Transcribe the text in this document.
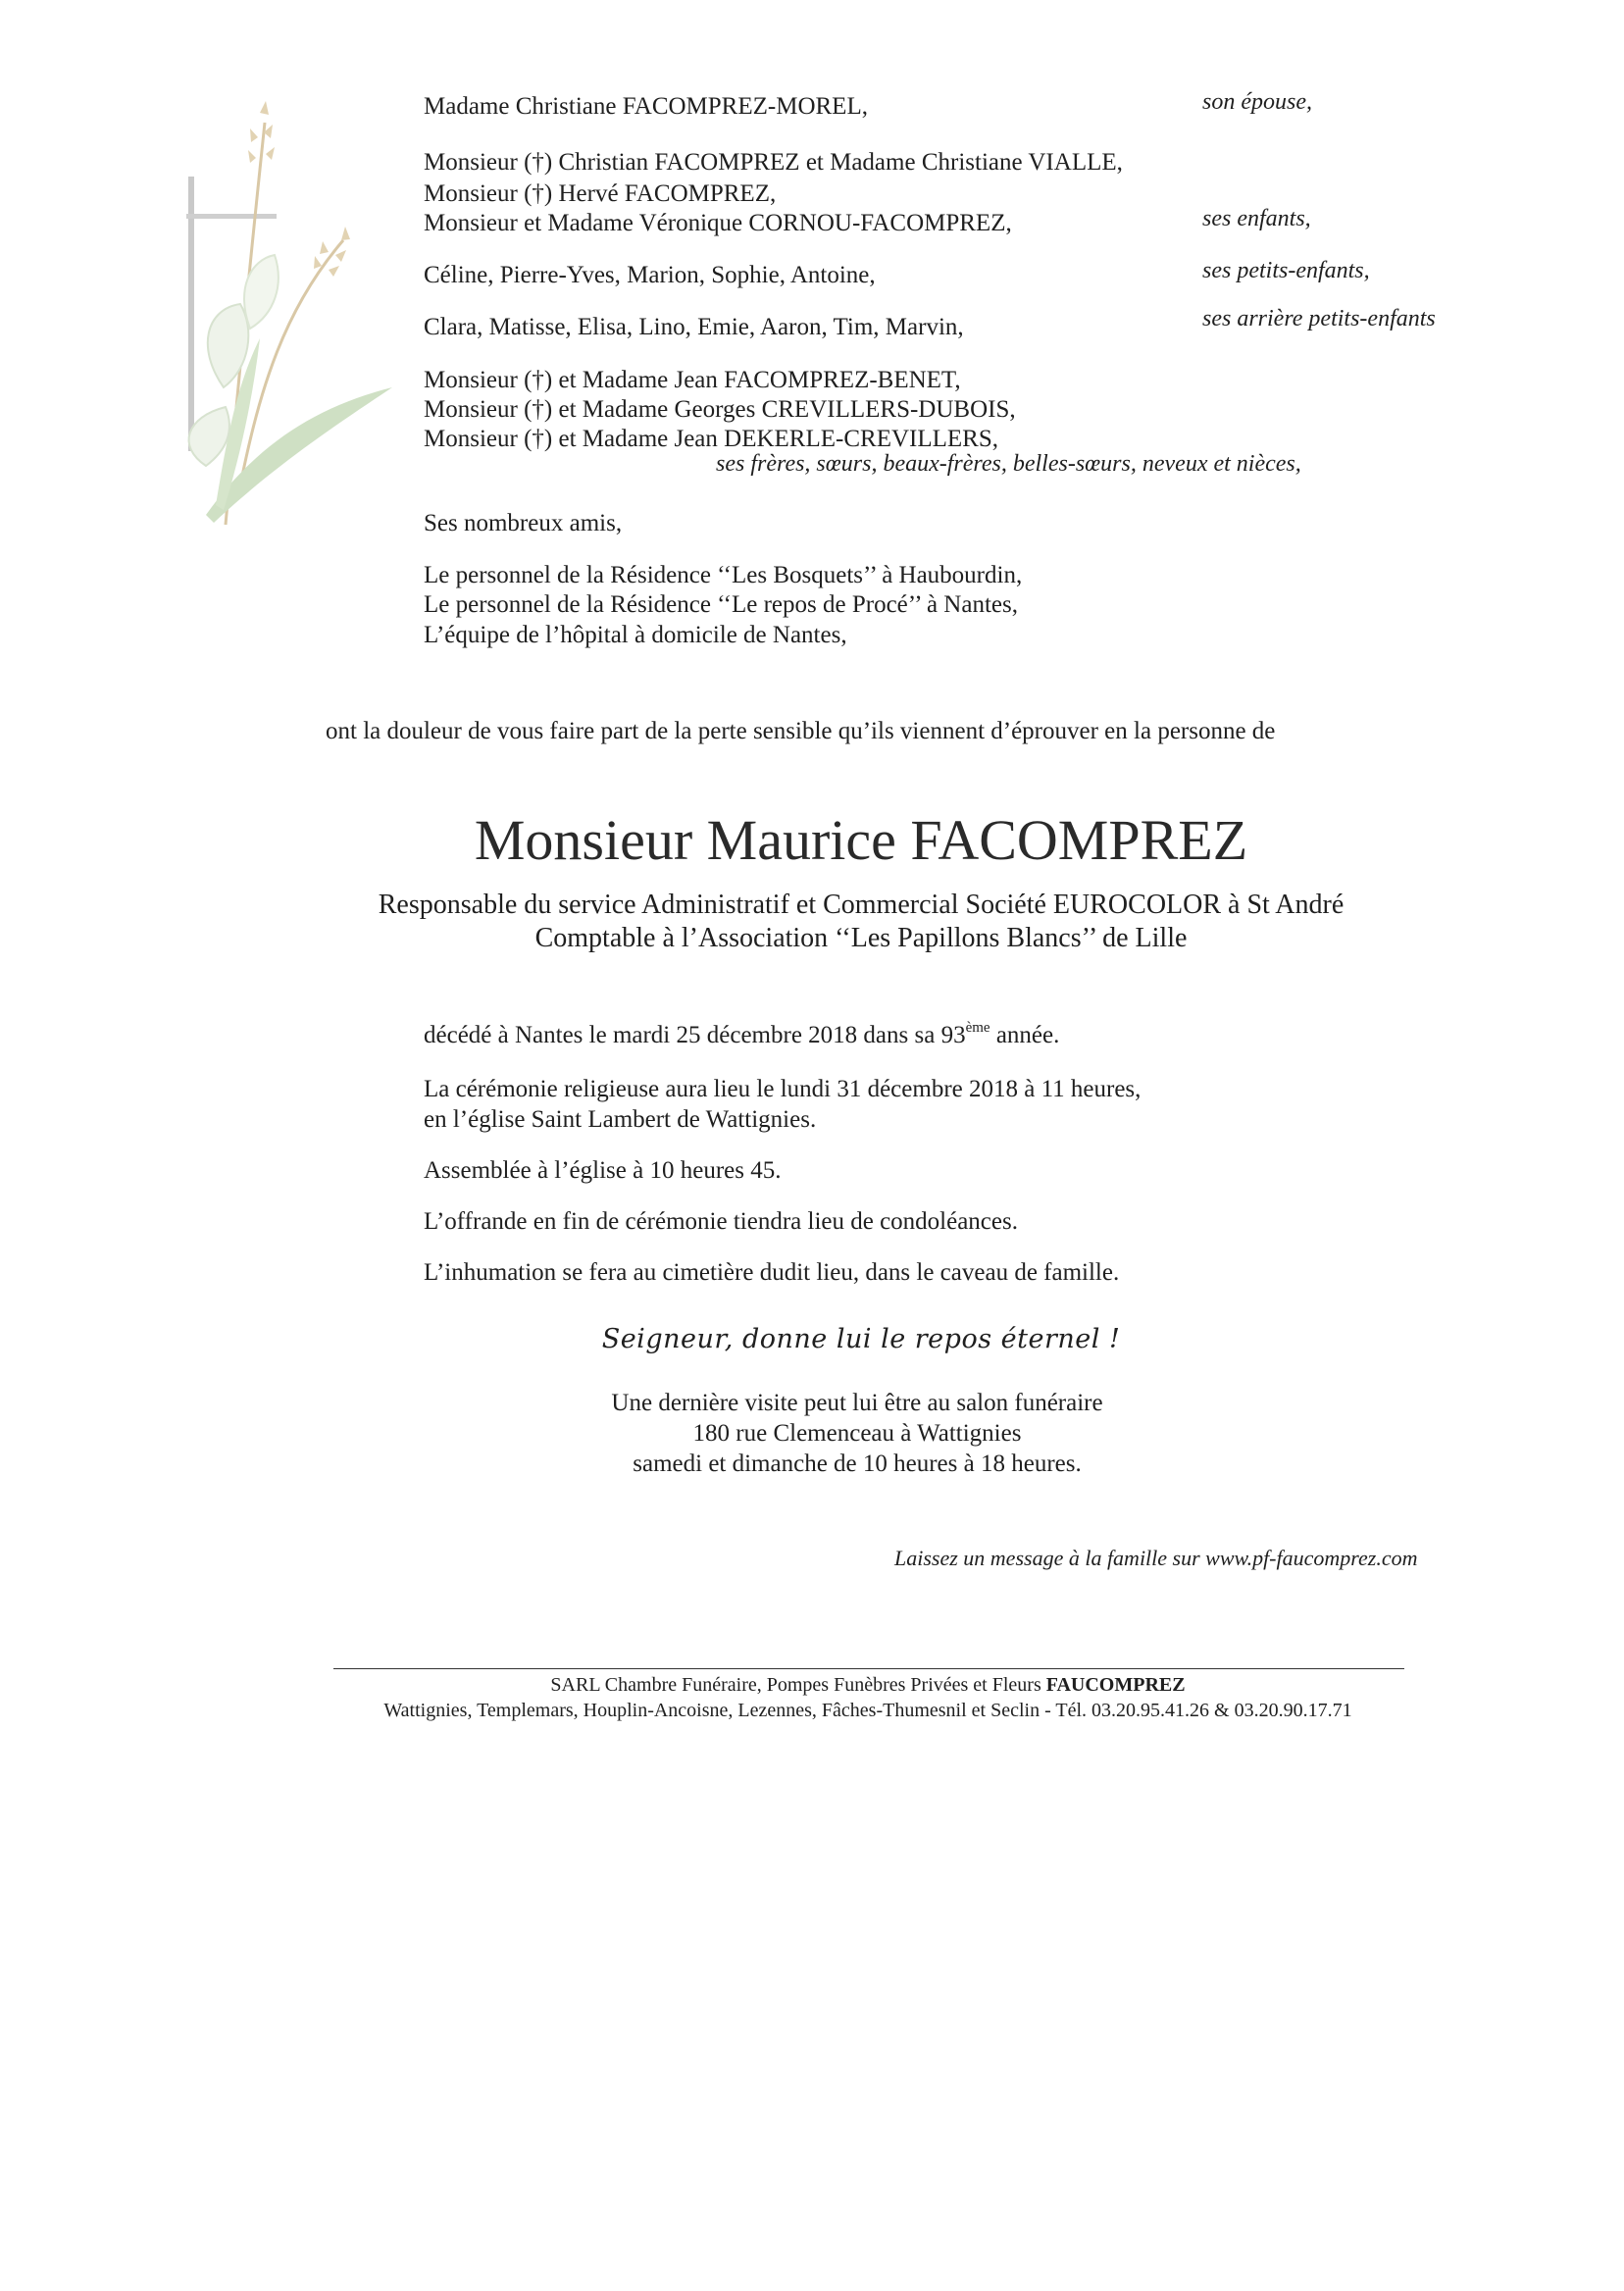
Madame Christiane FACOMPREZ-MOREL,	son épouse,
Monsieur (†) Christian FACOMPREZ et Madame Christiane VIALLE,
Monsieur (†) Hervé FACOMPREZ,
Monsieur et Madame Véronique CORNOU-FACOMPREZ,	ses enfants,
Céline, Pierre-Yves, Marion, Sophie, Antoine,	ses petits-enfants,
Clara, Matisse, Elisa, Lino, Emie, Aaron, Tim, Marvin,	ses arrière petits-enfants
Monsieur (†) et Madame Jean FACOMPREZ-BENET,
Monsieur (†) et Madame Georges CREVILLERS-DUBOIS,
Monsieur (†) et Madame Jean DEKERLE-CREVILLERS,
ses frères, sœurs, beaux-frères, belles-sœurs, neveux et nièces,
Ses nombreux amis,
Le personnel de la Résidence ‘‘Les Bosquets’’ à Haubourdin,
Le personnel de la Résidence ‘‘Le repos de Procé’’ à Nantes,
L’équipe de l’hôpital à domicile de Nantes,
ont la douleur de vous faire part de la perte sensible qu’ils viennent d’éprouver en la personne de
Monsieur Maurice FACOMPREZ
Responsable du service Administratif et Commercial Société EUROCOLOR à St André
Comptable à l’Association ‘‘Les Papillons Blancs’’ de Lille
décédé à Nantes le mardi 25 décembre 2018 dans sa 93ème année.
La cérémonie religieuse aura lieu le lundi 31 décembre 2018 à 11 heures,
en l’église Saint Lambert de Wattignies.
Assemblée à l’église à 10 heures 45.
L’offrande en fin de cérémonie tiendra lieu de condoléances.
L’inhumation se fera au cimetière dudit lieu, dans le caveau de famille.
Seigneur, donne lui le repos éternel !
Une dernière visite peut lui être au salon funéraire
180 rue Clemenceau à Wattignies
samedi et dimanche de 10 heures à 18 heures.
Laissez un message à la famille sur www.pf-faucomprez.com
SARL Chambre Funéraire, Pompes Funèbres Privées et Fleurs FAUCOMPREZ
Wattignies, Templemars, Houplin-Ancoisne, Lezennes, Fâches-Thumesnil et Seclin - Tél. 03.20.95.41.26 & 03.20.90.17.71
